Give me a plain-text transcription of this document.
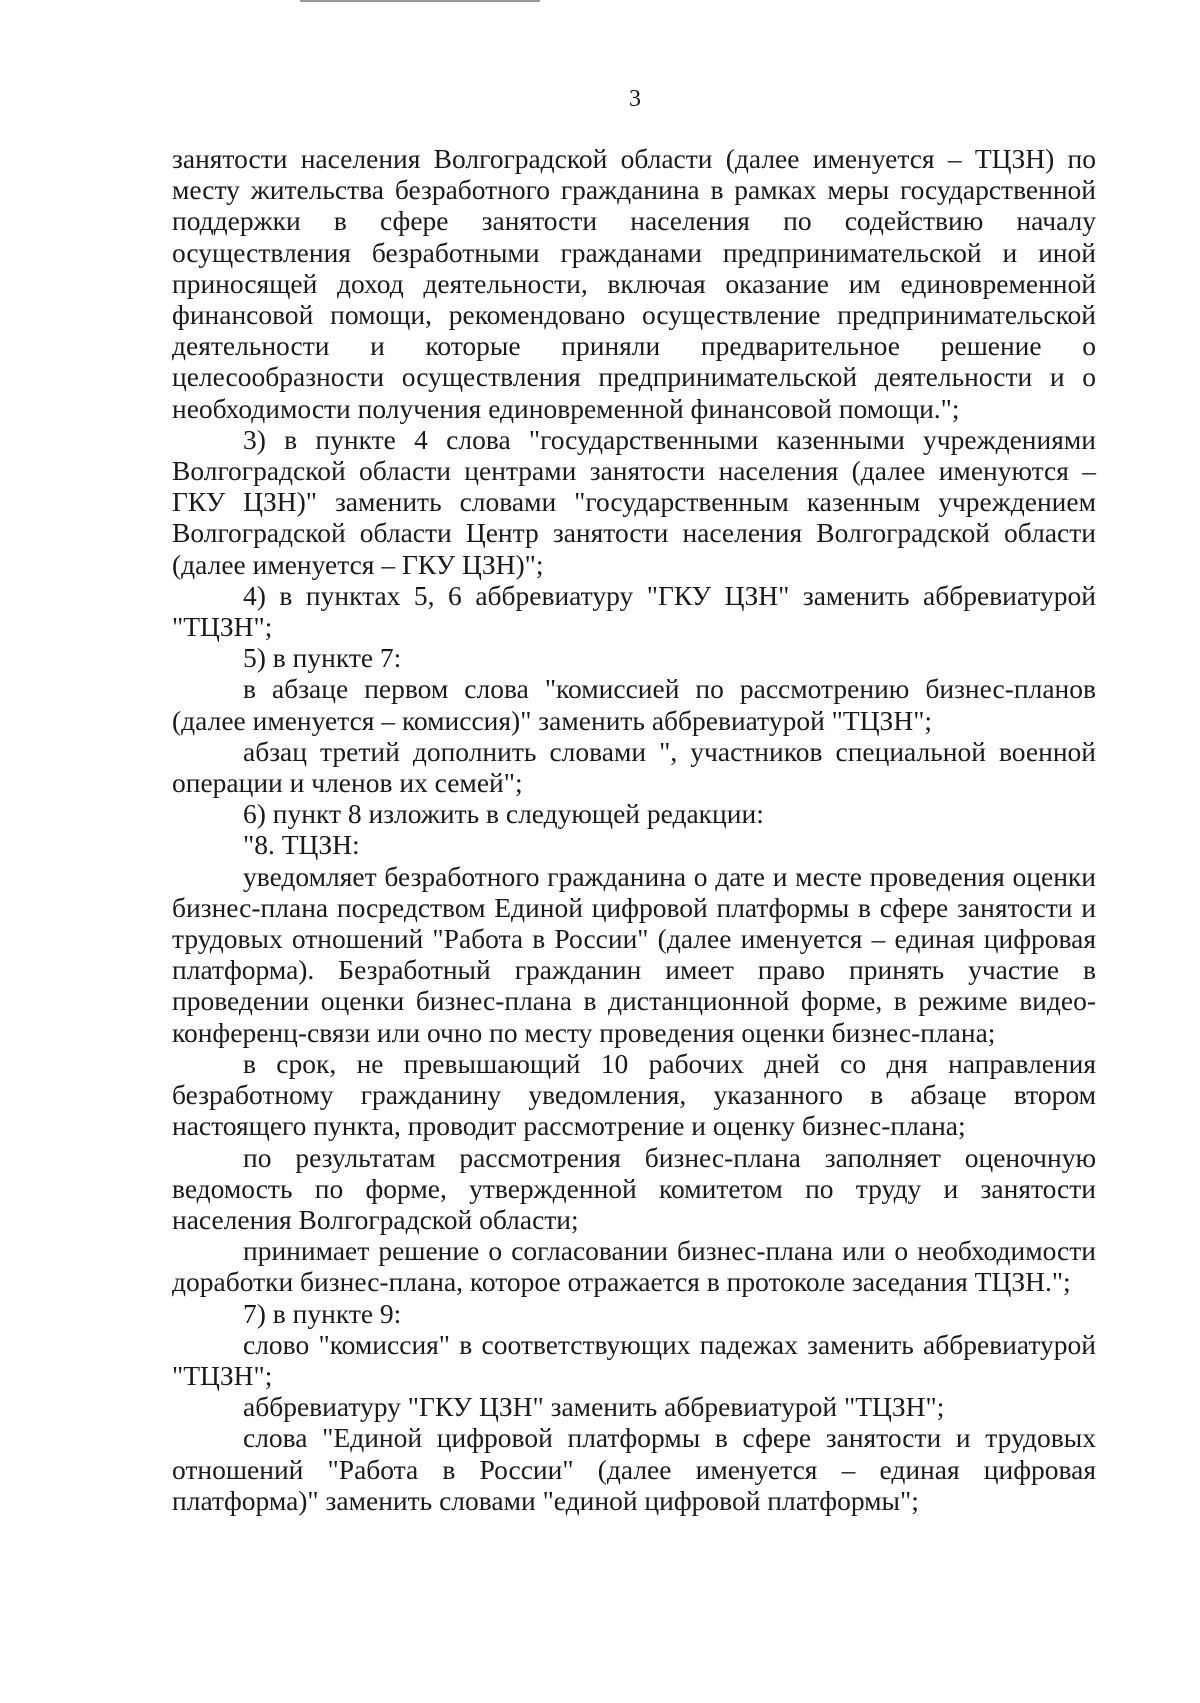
3

занятости населения Волгоградской области (далее именуется – ТЦЗН) по месту жительства безработного гражданина в рамках меры государственной поддержки в сфере занятости населения по содействию началу осуществления безработными гражданами предпринимательской и иной приносящей доход деятельности, включая оказание им единовременной финансовой помощи, рекомендовано осуществление предпринимательской деятельности и которые приняли предварительное решение о целесообразности осуществления предпринимательской деятельности и о необходимости получения единовременной финансовой помощи.";

3) в пункте 4 слова "государственными казенными учреждениями Волгоградской области центрами занятости населения (далее именуются – ГКУ ЦЗН)" заменить словами "государственным казенным учреждением Волгоградской области Центр занятости населения Волгоградской области (далее именуется – ГКУ ЦЗН)";

4) в пунктах 5, 6 аббревиатуру "ГКУ ЦЗН" заменить аббревиатурой "ТЦЗН";

5) в пункте 7:

в абзаце первом слова "комиссией по рассмотрению бизнес-планов (далее именуется – комиссия)" заменить аббревиатурой "ТЦЗН";

абзац третий дополнить словами ", участников специальной военной операции и членов их семей";

6) пункт 8 изложить в следующей редакции:

"8. ТЦЗН:

уведомляет безработного гражданина о дате и месте проведения оценки бизнес-плана посредством Единой цифровой платформы в сфере занятости и трудовых отношений "Работа в России" (далее именуется – единая цифровая платформа). Безработный гражданин имеет право принять участие в проведении оценки бизнес-плана в дистанционной форме, в режиме видео-конференц-связи или очно по месту проведения оценки бизнес-плана;

в срок, не превышающий 10 рабочих дней со дня направления безработному гражданину уведомления, указанного в абзаце втором настоящего пункта, проводит рассмотрение и оценку бизнес-плана;

по результатам рассмотрения бизнес-плана заполняет оценочную ведомость по форме, утвержденной комитетом по труду и занятости населения Волгоградской области;

принимает решение о согласовании бизнес-плана или о необходимости доработки бизнес-плана, которое отражается в протоколе заседания ТЦЗН.";

7) в пункте 9:

слово "комиссия" в соответствующих падежах заменить аббревиатурой "ТЦЗН";

аббревиатуру "ГКУ ЦЗН" заменить аббревиатурой "ТЦЗН";

слова "Единой цифровой платформы в сфере занятости и трудовых отношений "Работа в России" (далее именуется – единая цифровая платформа)" заменить словами "единой цифровой платформы";
